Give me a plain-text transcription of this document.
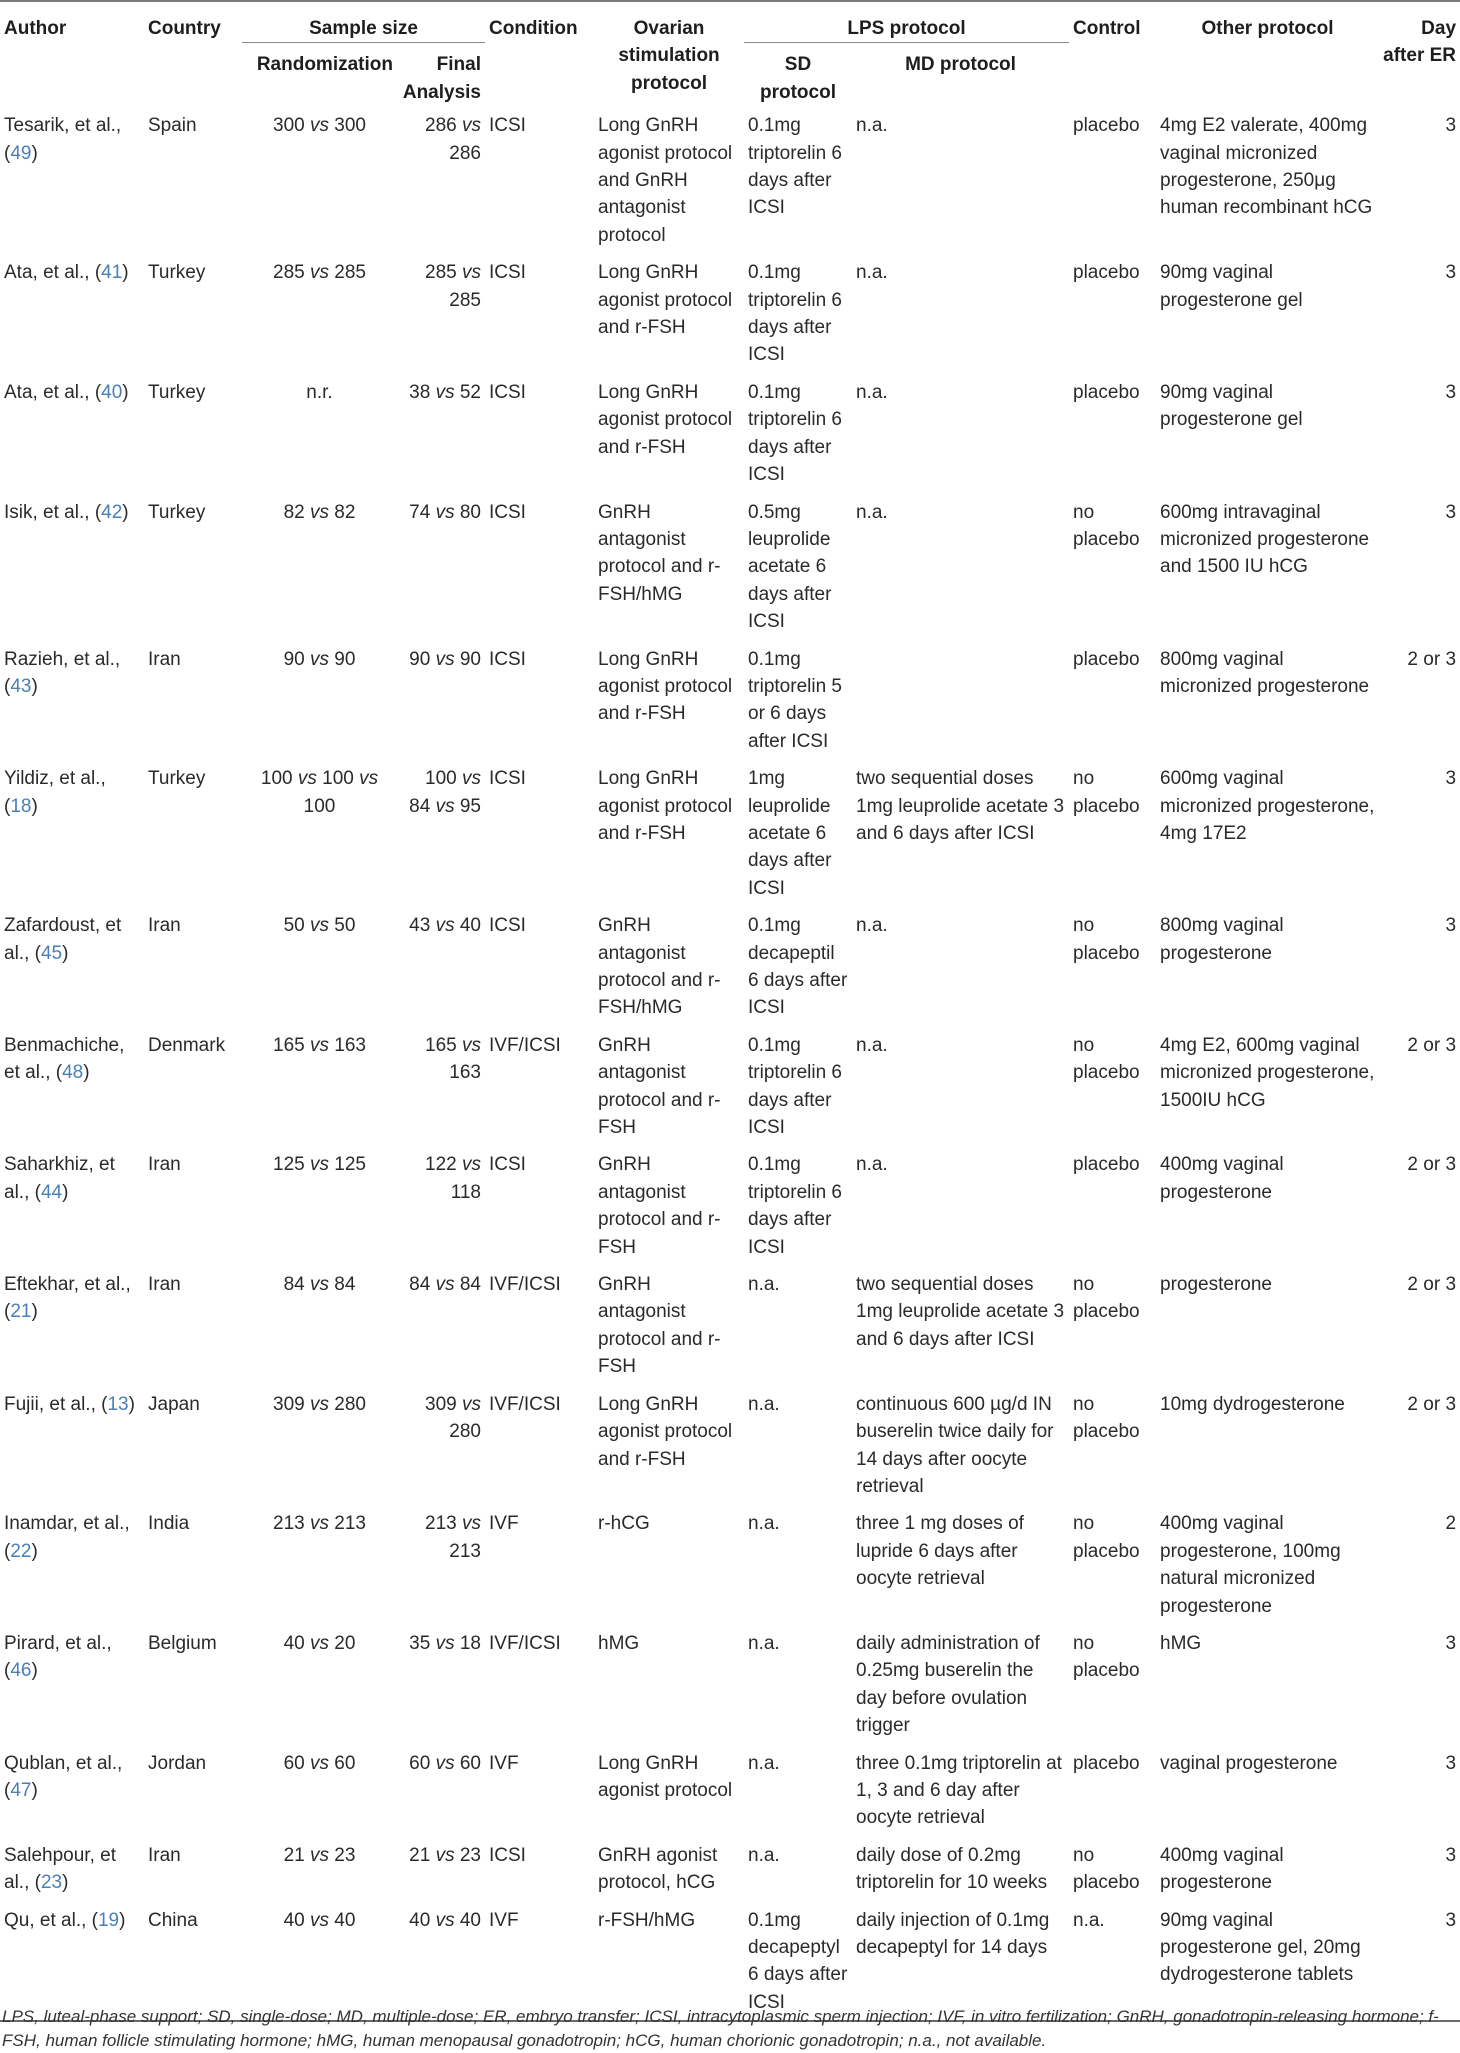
Author	Country	Sample size		Condition	Ovarian stimulation protocol	LPS protocol		Control	Other protocol	Day after ER	
		Randomization	Final Analysis			SD protocol	MD protocol				

Tesarik, et al., (49)	Spain	300 vs 300	286 vs 286	ICSI	Long GnRH agonist protocol and GnRH antagonist protocol	0.1mg triptorelin 6 days after ICSI	n.a.	placebo	4mg E2 valerate, 400mg vaginal micronized progesterone, 250μg human recombinant hCG	3	
Ata, et al., (41)	Turkey	285 vs 285	285 vs 285	ICSI	Long GnRH agonist protocol and r-FSH	0.1mg triptorelin 6 days after ICSI	n.a.	placebo	90mg vaginal progesterone gel	3	
Ata, et al., (40)	Turkey	n.r.	38 vs 52	ICSI	Long GnRH agonist protocol and r-FSH	0.1mg triptorelin 6 days after ICSI	n.a.	placebo	90mg vaginal progesterone gel	3	
Isik, et al., (42)	Turkey	82 vs 82	74 vs 80	ICSI	GnRH antagonist protocol and r-FSH/hMG	0.5mg leuprolide acetate 6 days after ICSI	n.a.	no placebo	600mg intravaginal micronized progesterone and 1500 IU hCG	3	
Razieh, et al., (43)	Iran	90 vs 90	90 vs 90	ICSI	Long GnRH agonist protocol and r-FSH	0.1mg triptorelin 5 or 6 days after ICSI		placebo	800mg vaginal micronized progesterone	2 or 3	
Yildiz, et al., (18)	Turkey	100 vs 100 vs 100	100 vs 84 vs 95	ICSI	Long GnRH agonist protocol and r-FSH	1mg leuprolide acetate 6 days after ICSI	two sequential doses 1mg leuprolide acetate 3 and 6 days after ICSI	no placebo	600mg vaginal micronized progesterone, 4mg 17E2	3	
Zafardoust, et al., (45)	Iran	50 vs 50	43 vs 40	ICSI	GnRH antagonist protocol and r-FSH/hMG	0.1mg decapeptil 6 days after ICSI	n.a.	no placebo	800mg vaginal progesterone	3	
Benmachiche, et al., (48)	Denmark	165 vs 163	165 vs 163	IVF/ICSI	GnRH antagonist protocol and r-FSH	0.1mg triptorelin 6 days after ICSI	n.a.	no placebo	4mg E2, 600mg vaginal micronized progesterone, 1500IU hCG	2 or 3	
Saharkhiz, et al., (44)	Iran	125 vs 125	122 vs 118	ICSI	GnRH antagonist protocol and r-FSH	0.1mg triptorelin 6 days after ICSI	n.a.	placebo	400mg vaginal progesterone	2 or 3	
Eftekhar, et al., (21)	Iran	84 vs 84	84 vs 84	IVF/ICSI	GnRH antagonist protocol and r-FSH	n.a.	two sequential doses 1mg leuprolide acetate 3 and 6 days after ICSI	no placebo	progesterone	2 or 3	
Fujii, et al., (13)	Japan	309 vs 280	309 vs 280	IVF/ICSI	Long GnRH agonist protocol and r-FSH	n.a.	continuous 600 µg/d IN buserelin twice daily for 14 days after oocyte retrieval	no placebo	10mg dydrogesterone	2 or 3	
Inamdar, et al., (22)	India	213 vs 213	213 vs 213	IVF	r-hCG	n.a.	three 1 mg doses of lupride 6 days after oocyte retrieval	no placebo	400mg vaginal progesterone, 100mg natural micronized progesterone	2	
Pirard, et al., (46)	Belgium	40 vs 20	35 vs 18	IVF/ICSI	hMG	n.a.	daily administration of 0.25mg buserelin the day before ovulation trigger	no placebo	hMG	3	
Qublan, et al., (47)	Jordan	60 vs 60	60 vs 60	IVF	Long GnRH agonist protocol	n.a.	three 0.1mg triptorelin at 1, 3 and 6 day after oocyte retrieval	placebo	vaginal progesterone	3	
Salehpour, et al., (23)	Iran	21 vs 23	21 vs 23	ICSI	GnRH agonist protocol, hCG	n.a.	daily dose of 0.2mg triptorelin for 10 weeks	no placebo	400mg vaginal progesterone	3	
Qu, et al., (19)	China	40 vs 40	40 vs 40	IVF	r-FSH/hMG	0.1mg decapeptyl 6 days after ICSI	daily injection of 0.1mg decapeptyl for 14 days	n.a.	90mg vaginal progesterone gel, 20mg dydrogesterone tablets	3	
LPS, luteal-phase support; SD, single-dose; MD, multiple-dose; ER, embryo transfer; ICSI, intracytoplasmic sperm injection; IVF, in vitro fertilization; GnRH, gonadotropin-releasing hormone; f-FSH, human follicle stimulating hormone; hMG, human menopausal gonadotropin; hCG, human chorionic gonadotropin; n.a., not available.
